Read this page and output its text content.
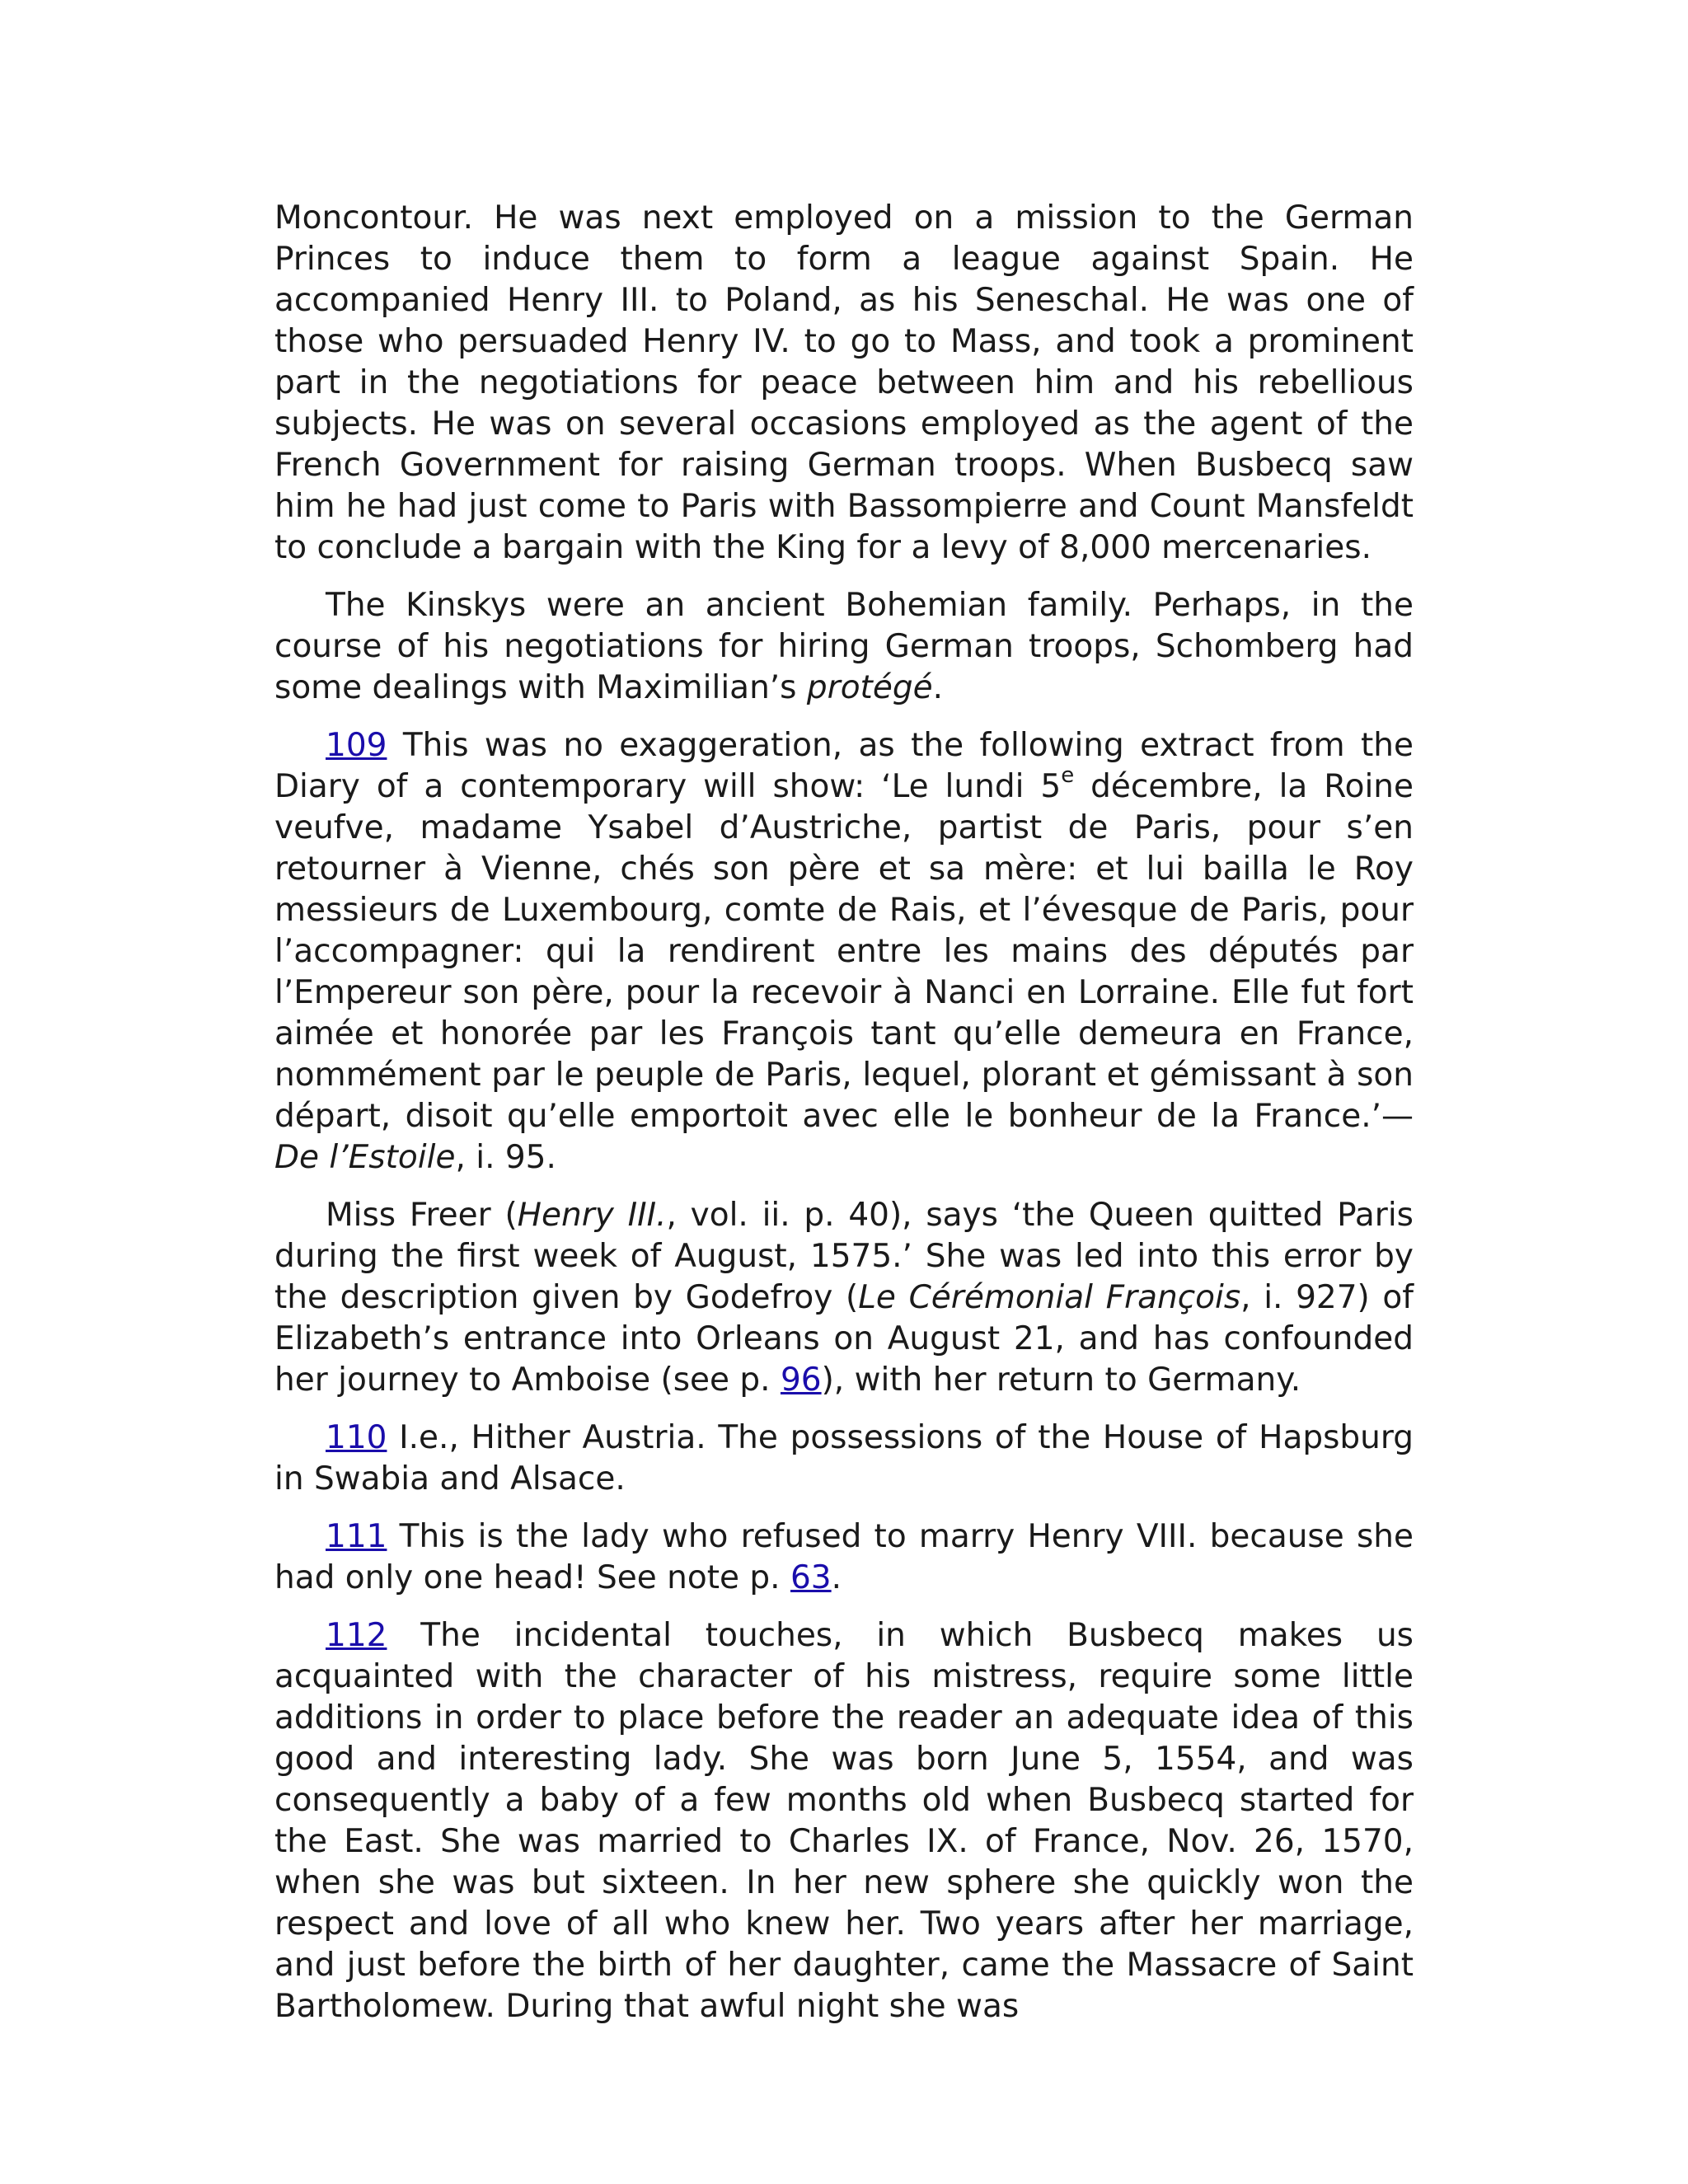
Moncontour. He was next employed on a mission to the German Princes to induce them to form a league against Spain. He accompanied Henry III. to Poland, as his Seneschal. He was one of those who persuaded Henry IV. to go to Mass, and took a prominent part in the negotiations for peace between him and his rebellious subjects. He was on several occasions employed as the agent of the French Government for raising German troops. When Busbecq saw him he had just come to Paris with Bassompierre and Count Mansfeldt to conclude a bargain with the King for a levy of 8,000 mercenaries.

The Kinskys were an ancient Bohemian family. Perhaps, in the course of his negotiations for hiring German troops, Schomberg had some dealings with Maximilian’s protégé.

109 This was no exaggeration, as the following extract from the Diary of a contemporary will show: ‘Le lundi 5e décembre, la Roine veufve, madame Ysabel d’Austriche, partist de Paris, pour s’en retourner à Vienne, chés son père et sa mère: et lui bailla le Roy messieurs de Luxembourg, comte de Rais, et l’évesque de Paris, pour l’accompagner: qui la rendirent entre les mains des députés par l’Empereur son père, pour la recevoir à Nanci en Lorraine. Elle fut fort aimée et honorée par les François tant qu’elle demeura en France, nommément par le peuple de Paris, lequel, plorant et gémissant à son départ, disoit qu’elle emportoit avec elle le bonheur de la France.’—De l’Estoile, i. 95.

Miss Freer (Henry III., vol. ii. p. 40), says ‘the Queen quitted Paris during the first week of August, 1575.’ She was led into this error by the description given by Godefroy (Le Cérémonial François, i. 927) of Elizabeth’s entrance into Orleans on August 21, and has confounded her journey to Amboise (see p. 96), with her return to Germany.

110 I.e., Hither Austria. The possessions of the House of Hapsburg in Swabia and Alsace.

111 This is the lady who refused to marry Henry VIII. because she had only one head! See note p. 63.

112 The incidental touches, in which Busbecq makes us acquainted with the character of his mistress, require some little additions in order to place before the reader an adequate idea of this good and interesting lady. She was born June 5, 1554, and was consequently a baby of a few months old when Busbecq started for the East. She was married to Charles IX. of France, Nov. 26, 1570, when she was but sixteen. In her new sphere she quickly won the respect and love of all who knew her. Two years after her marriage, and just before the birth of her daughter, came the Massacre of Saint Bartholomew. During that awful night she was
